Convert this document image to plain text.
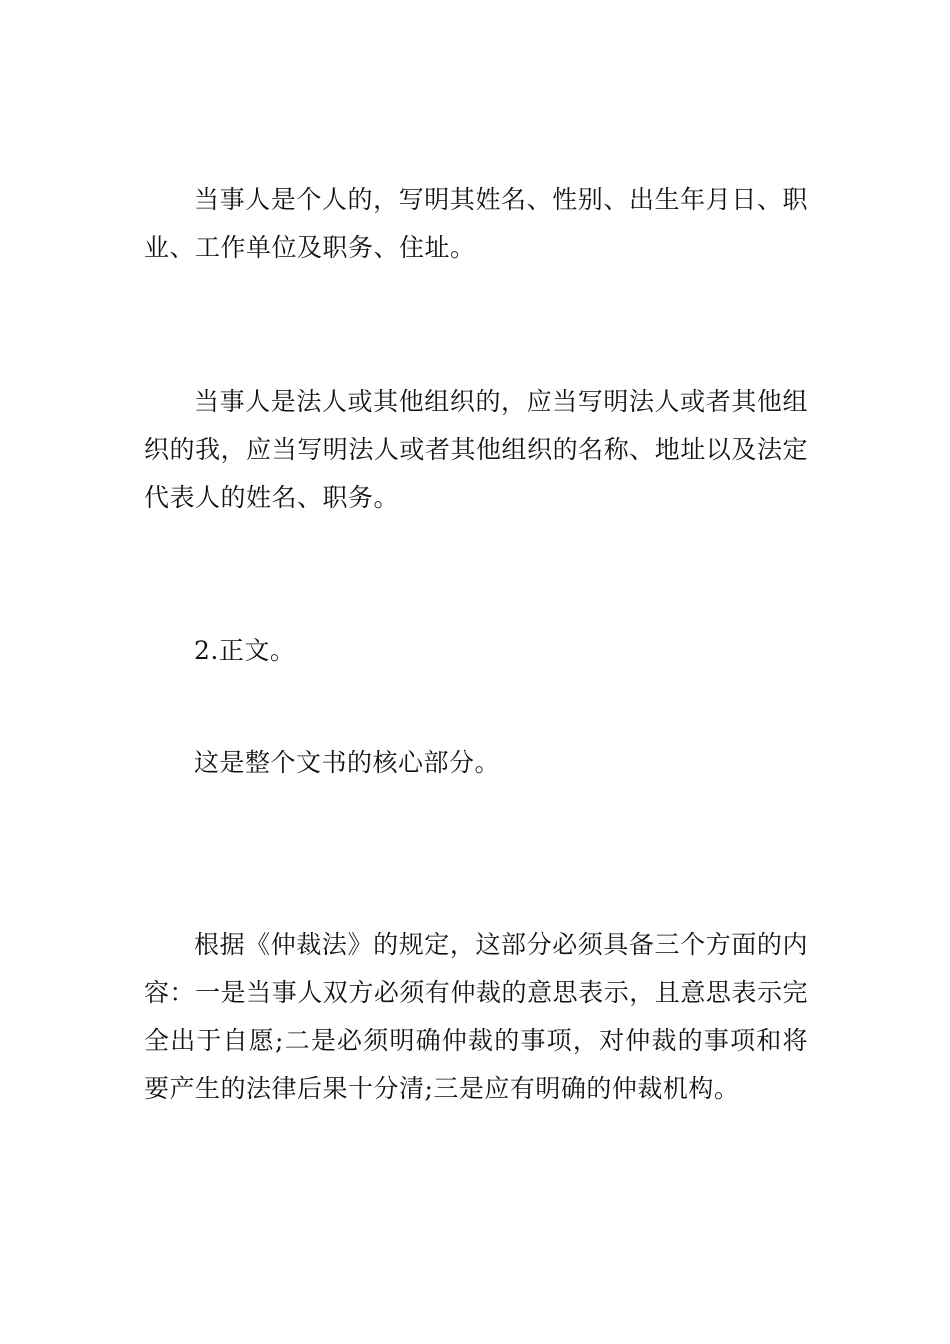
当事人是个人的，写明其姓名、性别、出生年月日、职业、工作单位及职务、住址。

当事人是法人或其他组织的，应当写明法人或者其他组织的我，应当写明法人或者其他组织的名称、地址以及法定代表人的姓名、职务。

2.正文。

这是整个文书的核心部分。

根据《仲裁法》的规定，这部分必须具备三个方面的内容：一是当事人双方必须有仲裁的意思表示，且意思表示完全出于自愿;二是必须明确仲裁的事项，对仲裁的事项和将要产生的法律后果十分清;三是应有明确的仲裁机构。
